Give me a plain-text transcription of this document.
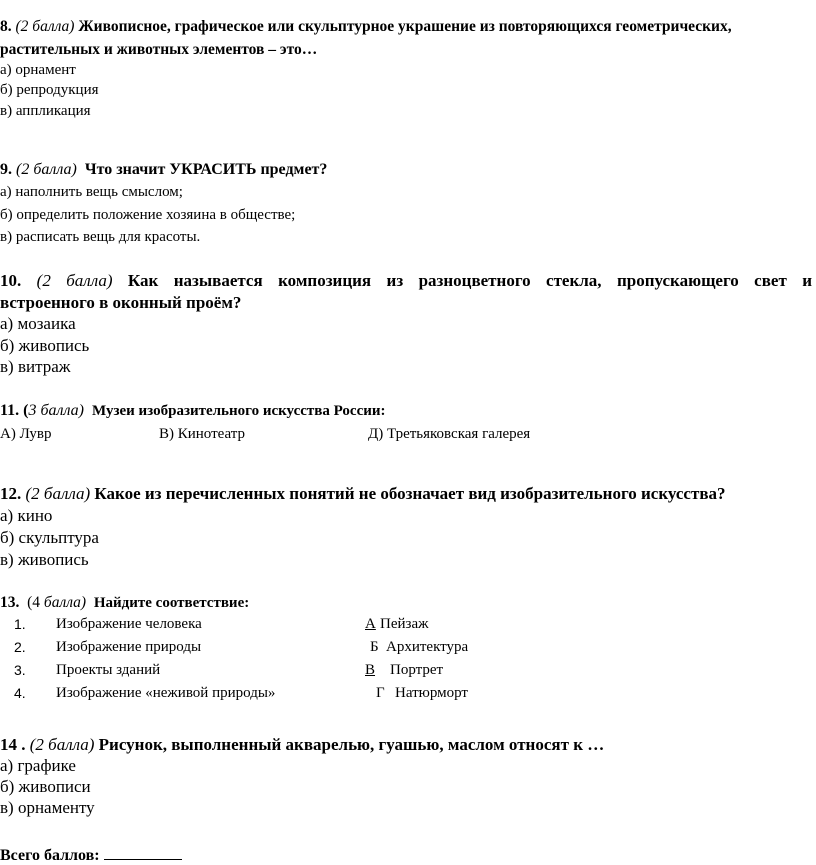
8. (2 балла) Живописное, графическое или скульптурное украшение из повторяющихся геометрических,
растительных и животных элементов – это…
а) орнамент
б) репродукция
в) аппликация
9. (2 балла) Что значит УКРАСИТЬ предмет?
а) наполнить вещь смыслом;
б) определить положение хозяина в обществе;
в) расписать вещь для красоты.
10. (2 балла) Как называется композиция из разноцветного стекла, пропускающего свет и
встроенного в оконный проём?
а) мозаика
б) живопись
в) витраж
11. (3 балла) Музеи изобразительного искусства России:
А) Лувр	В) Кинотеатр	Д) Третьяковская галерея
12. (2 балла) Какое из перечисленных понятий не обозначает вид изобразительного искусства?
а) кино
б) скульптура
в) живопись
13. (4 балла) Найдите соответствие:
1. Изображение человека	А Пейзаж
2. Изображение природы	Б Архитектура
3. Проекты зданий	В Портрет
4. Изображение «неживой природы»	Г Натюрморт
14 . (2 балла) Рисунок, выполненный акварелью, гуашью, маслом относят к …
а) графике
б) живописи
в) орнаменту
Всего баллов:
